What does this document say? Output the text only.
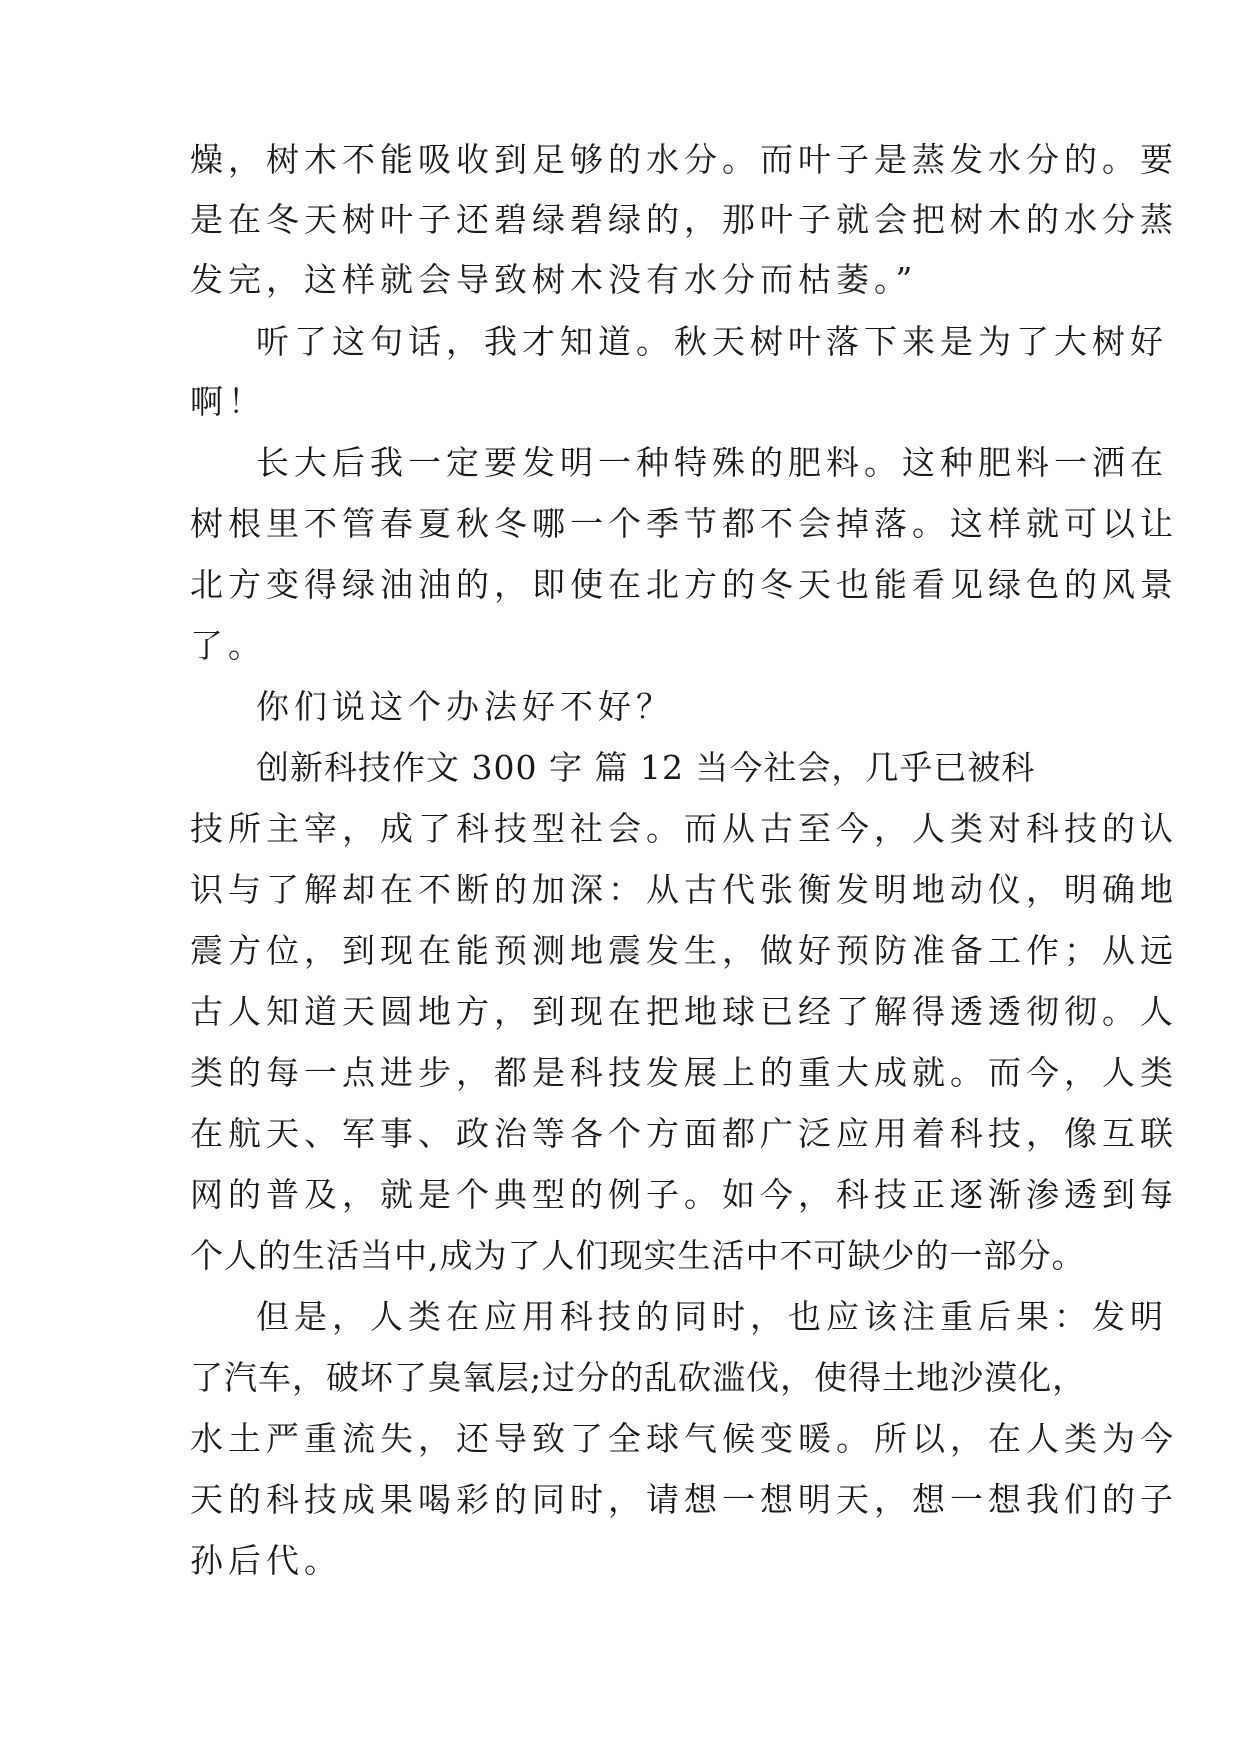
燥，树木不能吸收到足够的水分。而叶子是蒸发水分的。要
是在冬天树叶子还碧绿碧绿的，那叶子就会把树木的水分蒸
发完，这样就会导致树木没有水分而枯萎。”
听了这句话，我才知道。秋天树叶落下来是为了大树好
啊！
长大后我一定要发明一种特殊的肥料。这种肥料一洒在
树根里不管春夏秋冬哪一个季节都不会掉落。这样就可以让
北方变得绿油油的，即使在北方的冬天也能看见绿色的风景
了。
你们说这个办法好不好？
创新科技作文 300 字 篇 12 当今社会，几乎已被科
技所主宰，成了科技型社会。而从古至今，人类对科技的认
识与了解却在不断的加深：从古代张衡发明地动仪，明确地
震方位，到现在能预测地震发生，做好预防准备工作；从远
古人知道天圆地方，到现在把地球已经了解得透透彻彻。人
类的每一点进步，都是科技发展上的重大成就。而今，人类
在航天、军事、政治等各个方面都广泛应用着科技，像互联
网的普及，就是个典型的例子。如今，科技正逐渐渗透到每
个人的生活当中,成为了人们现实生活中不可缺少的一部分。
但是，人类在应用科技的同时，也应该注重后果：发明
了汽车，破坏了臭氧层;过分的乱砍滥伐，使得土地沙漠化，
水土严重流失，还导致了全球气候变暖。所以，在人类为今
天的科技成果喝彩的同时，请想一想明天，想一想我们的子
孙后代。
